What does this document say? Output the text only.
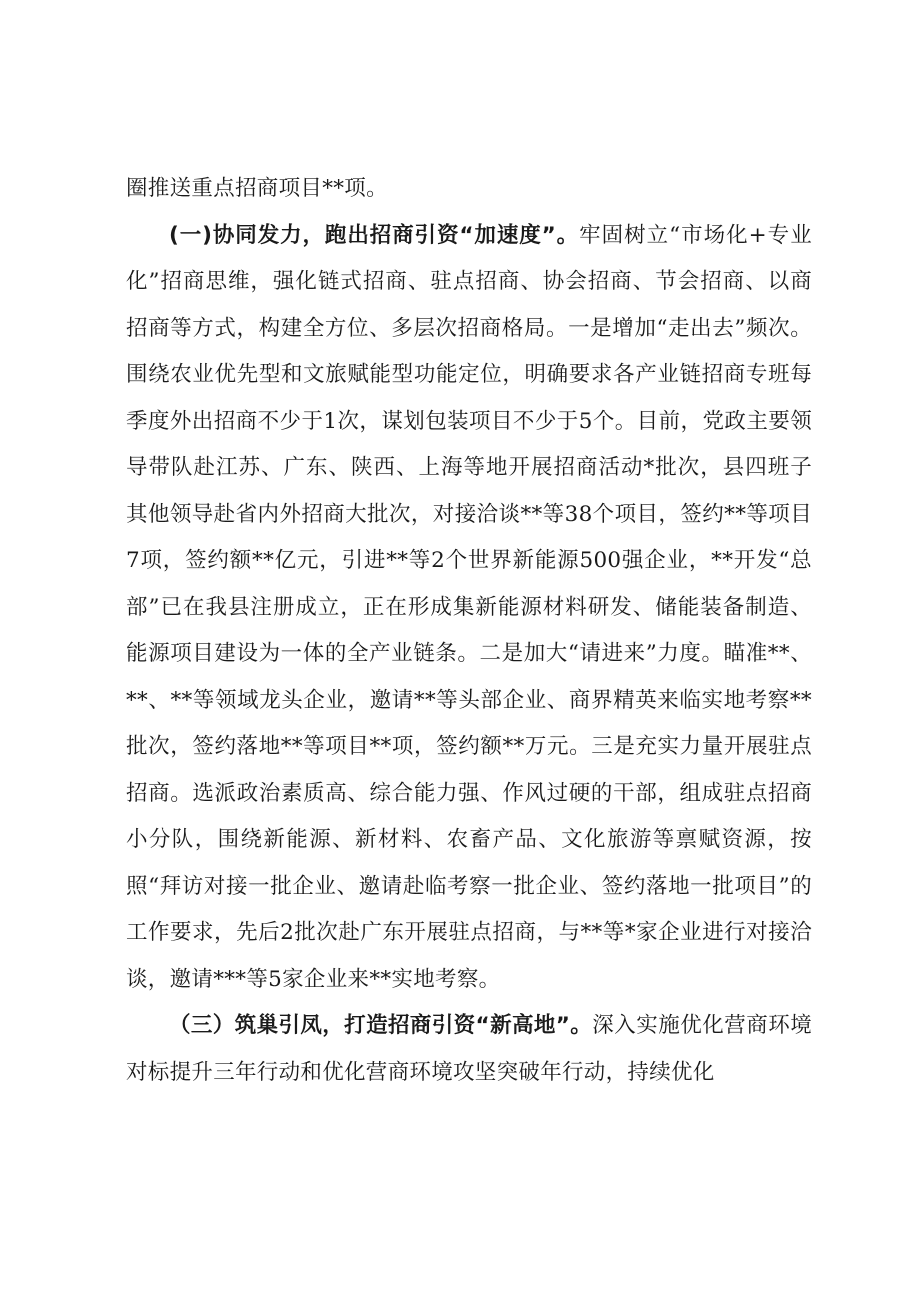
圈推送重点招商项目**项。

(一)协同发力，跑出招商引资“加速度”。牢固树立“市场化+专业化”招商思维，强化链式招商、驻点招商、协会招商、节会招商、以商招商等方式，构建全方位、多层次招商格局。一是增加“走出去”频次。围绕农业优先型和文旅赋能型功能定位，明确要求各产业链招商专班每季度外出招商不少于1次，谋划包装项目不少于5个。目前，党政主要领导带队赴江苏、广东、陕西、上海等地开展招商活动*批次，县四班子其他领导赴省内外招商大批次，对接洽谈**等38个项目，签约**等项目7项，签约额**亿元，引进**等2个世界新能源500强企业，**开发“总部”已在我县注册成立，正在形成集新能源材料研发、储能装备制造、能源项目建设为一体的全产业链条。二是加大“请进来”力度。瞄准**、**、**等领域龙头企业，邀请**等头部企业、商界精英来临实地考察**批次，签约落地**等项目**项，签约额**万元。三是充实力量开展驻点招商。选派政治素质高、综合能力强、作风过硬的干部，组成驻点招商小分队，围绕新能源、新材料、农畜产品、文化旅游等禀赋资源，按照“拜访对接一批企业、邀请赴临考察一批企业、签约落地一批项目”的工作要求，先后2批次赴广东开展驻点招商，与**等*家企业进行对接洽谈，邀请***等5家企业来**实地考察。

（三）筑巢引凤，打造招商引资“新高地”。深入实施优化营商环境对标提升三年行动和优化营商环境攻坚突破年行动，持续优化
